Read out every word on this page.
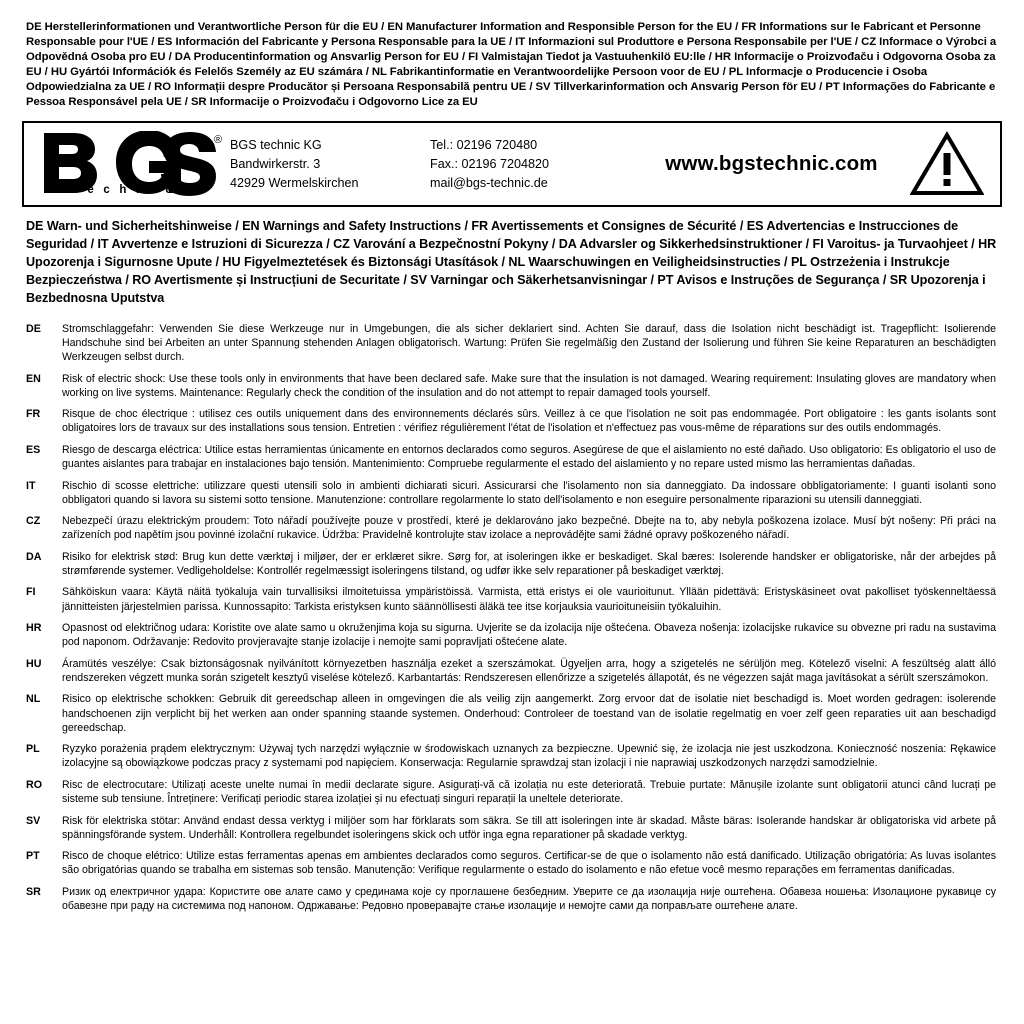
DE Herstellerinformationen und Verantwortliche Person für die EU / EN Manufacturer Information and Responsible Person for the EU / FR Informations sur le Fabricant et Personne Responsable pour l'UE / ES Información del Fabricante y Persona Responsable para la UE / IT Informazioni sul Produttore e Persona Responsabile per l'UE / CZ Informace o Výrobci a Odpovědná Osoba pro EU / DA Producentinformation og Ansvarlig Person for EU / FI Valmistajan Tiedot ja Vastuuhenkilö EU:lle / HR Informacije o Proizvođaču i Odgovorna Osoba za EU / HU Gyártói Információk és Felelős Személy az EU számára / NL Fabrikantinformatie en Verantwoordelijke Persoon voor de EU / PL Informacje o Producencie i Osoba Odpowiedzialna za UE / RO Informații despre Producător și Persoana Responsabilă pentru UE / SV Tillverkarinformation och Ansvarig Person för EU / PT Informações do Fabricante e Pessoa Responsável pela UE / SR Informacije o Proizvođaču i Odgovorno Lice za EU
®
t e c h n i c
BGS technic KG
Bandwirkerstr. 3
42929 Wermelskirchen
Tel.: 02196 720480
Fax.: 02196 7204820
mail@bgs-technic.de
www.bgstechnic.com
DE Warn- und Sicherheitshinweise / EN Warnings and Safety Instructions / FR Avertissements et Consignes de Sécurité / ES Advertencias e Instrucciones de Seguridad / IT Avvertenze e Istruzioni di Sicurezza / CZ Varování a Bezpečnostní Pokyny / DA Advarsler og Sikkerhedsinstruktioner / FI Varoitus- ja Turvaohjeet / HR Upozorenja i Sigurnosne Upute / HU Figyelmeztetések és Biztonsági Utasítások / NL Waarschuwingen en Veiligheidsinstructies / PL Ostrzeżenia i Instrukcje Bezpieczeństwa / RO Avertismente și Instrucțiuni de Securitate / SV Varningar och Säkerhetsanvisningar / PT Avisos e Instruções de Segurança / SR Upozorenja i Bezbednosna Uputstva
DE	Stromschlaggefahr: Verwenden Sie diese Werkzeuge nur in Umgebungen, die als sicher deklariert sind. Achten Sie darauf, dass die Isolation nicht beschädigt ist. Tragepflicht: Isolierende Handschuhe sind bei Arbeiten an unter Spannung stehenden Anlagen obligatorisch. Wartung: Prüfen Sie regelmäßig den Zustand der Isolierung und führen Sie keine Reparaturen an beschädigten Werkzeugen selbst durch.
EN	Risk of electric shock: Use these tools only in environments that have been declared safe. Make sure that the insulation is not damaged. Wearing requirement: Insulating gloves are mandatory when working on live systems. Maintenance: Regularly check the condition of the insulation and do not attempt to repair damaged tools yourself.
FR	Risque de choc électrique : utilisez ces outils uniquement dans des environnements déclarés sûrs. Veillez à ce que l'isolation ne soit pas endommagée. Port obligatoire : les gants isolants sont obligatoires lors de travaux sur des installations sous tension. Entretien : vérifiez régulièrement l'état de l'isolation et n'effectuez pas vous-même de réparations sur des outils endommagés.
ES	Riesgo de descarga eléctrica: Utilice estas herramientas únicamente en entornos declarados como seguros. Asegúrese de que el aislamiento no esté dañado. Uso obligatorio: Es obligatorio el uso de guantes aislantes para trabajar en instalaciones bajo tensión. Mantenimiento: Compruebe regularmente el estado del aislamiento y no repare usted mismo las herramientas dañadas.
IT	Rischio di scosse elettriche: utilizzare questi utensili solo in ambienti dichiarati sicuri. Assicurarsi che l'isolamento non sia danneggiato. Da indossare obbligatoriamente: I guanti isolanti sono obbligatori quando si lavora su sistemi sotto tensione. Manutenzione: controllare regolarmente lo stato dell'isolamento e non eseguire personalmente riparazioni su utensili danneggiati.
CZ	Nebezpečí úrazu elektrickým proudem: Toto nářadí používejte pouze v prostředí, které je deklarováno jako bezpečné. Dbejte na to, aby nebyla poškozena izolace. Musí být nošeny: Při práci na zařízeních pod napětím jsou povinné izolační rukavice. Údržba: Pravidelně kontrolujte stav izolace a neprovádějte sami žádné opravy poškozeného nářadí.
DA	Risiko for elektrisk stød: Brug kun dette værktøj i miljøer, der er erklæret sikre. Sørg for, at isoleringen ikke er beskadiget. Skal bæres: Isolerende handsker er obligatoriske, når der arbejdes på strømførende systemer. Vedligeholdelse: Kontrollér regelmæssigt isoleringens tilstand, og udfør ikke selv reparationer på beskadiget værktøj.
FI	Sähköiskun vaara: Käytä näitä työkaluja vain turvallisiksi ilmoitetuissa ympäristöissä. Varmista, että eristys ei ole vaurioitunut. Yllään pidettävä: Eristyskäsineet ovat pakolliset työskenneltäessä jännitteisten järjestelmien parissa. Kunnossapito: Tarkista eristyksen kunto säännöllisesti äläkä tee itse korjauksia vaurioituneisiin työkaluihin.
HR	Opasnost od električnog udara: Koristite ove alate samo u okruženjima koja su sigurna. Uvjerite se da izolacija nije oštećena. Obaveza nošenja: izolacijske rukavice su obvezne pri radu na sustavima pod naponom. Održavanje: Redovito provjeravajte stanje izolacije i nemojte sami popravljati oštećene alate.
HU	Áramütés veszélye: Csak biztonságosnak nyilvánított környezetben használja ezeket a szerszámokat. Ügyeljen arra, hogy a szigetelés ne sérüljön meg. Kötelező viselni: A feszültség alatt álló rendszereken végzett munka során szigetelt kesztyű viselése kötelező. Karbantartás: Rendszeresen ellenőrizze a szigetelés állapotát, és ne végezzen saját maga javításokat a sérült szerszámokon.
NL	Risico op elektrische schokken: Gebruik dit gereedschap alleen in omgevingen die als veilig zijn aangemerkt. Zorg ervoor dat de isolatie niet beschadigd is. Moet worden gedragen: isolerende handschoenen zijn verplicht bij het werken aan onder spanning staande systemen. Onderhoud: Controleer de toestand van de isolatie regelmatig en voer zelf geen reparaties uit aan beschadigd gereedschap.
PL	Ryzyko porażenia prądem elektrycznym: Używaj tych narzędzi wyłącznie w środowiskach uznanych za bezpieczne. Upewnić się, że izolacja nie jest uszkodzona. Konieczność noszenia: Rękawice izolacyjne są obowiązkowe podczas pracy z systemami pod napięciem. Konserwacja: Regularnie sprawdzaj stan izolacji i nie naprawiaj uszkodzonych narzędzi samodzielnie.
RO	Risc de electrocutare: Utilizați aceste unelte numai în medii declarate sigure. Asigurați-vă că izolația nu este deteriorată. Trebuie purtate: Mănușile izolante sunt obligatorii atunci când lucrați pe sisteme sub tensiune. Întreținere: Verificați periodic starea izolației și nu efectuați singuri reparații la uneltele deteriorate.
SV	Risk för elektriska stötar: Använd endast dessa verktyg i miljöer som har förklarats som säkra. Se till att isoleringen inte är skadad. Måste bäras: Isolerande handskar är obligatoriska vid arbete på spänningsförande system. Underhåll: Kontrollera regelbundet isoleringens skick och utför inga egna reparationer på skadade verktyg.
PT	Risco de choque elétrico: Utilize estas ferramentas apenas em ambientes declarados como seguros. Certificar-se de que o isolamento não está danificado. Utilização obrigatória: As luvas isolantes são obrigatórias quando se trabalha em sistemas sob tensão. Manutenção: Verifique regularmente o estado do isolamento e não efetue você mesmo reparações em ferramentas danificadas.
SR	Ризик од електричног удара: Користите ове алате само у срединама које су проглашене безбедним. Уверите се да изолација није оштећена. Обавеза ношења: Изолационе рукавице су обавезне при раду на системима под напоном. Одржавање: Редовно проверавајте стање изолације и немојте сами да поправљате оштећене алате.
